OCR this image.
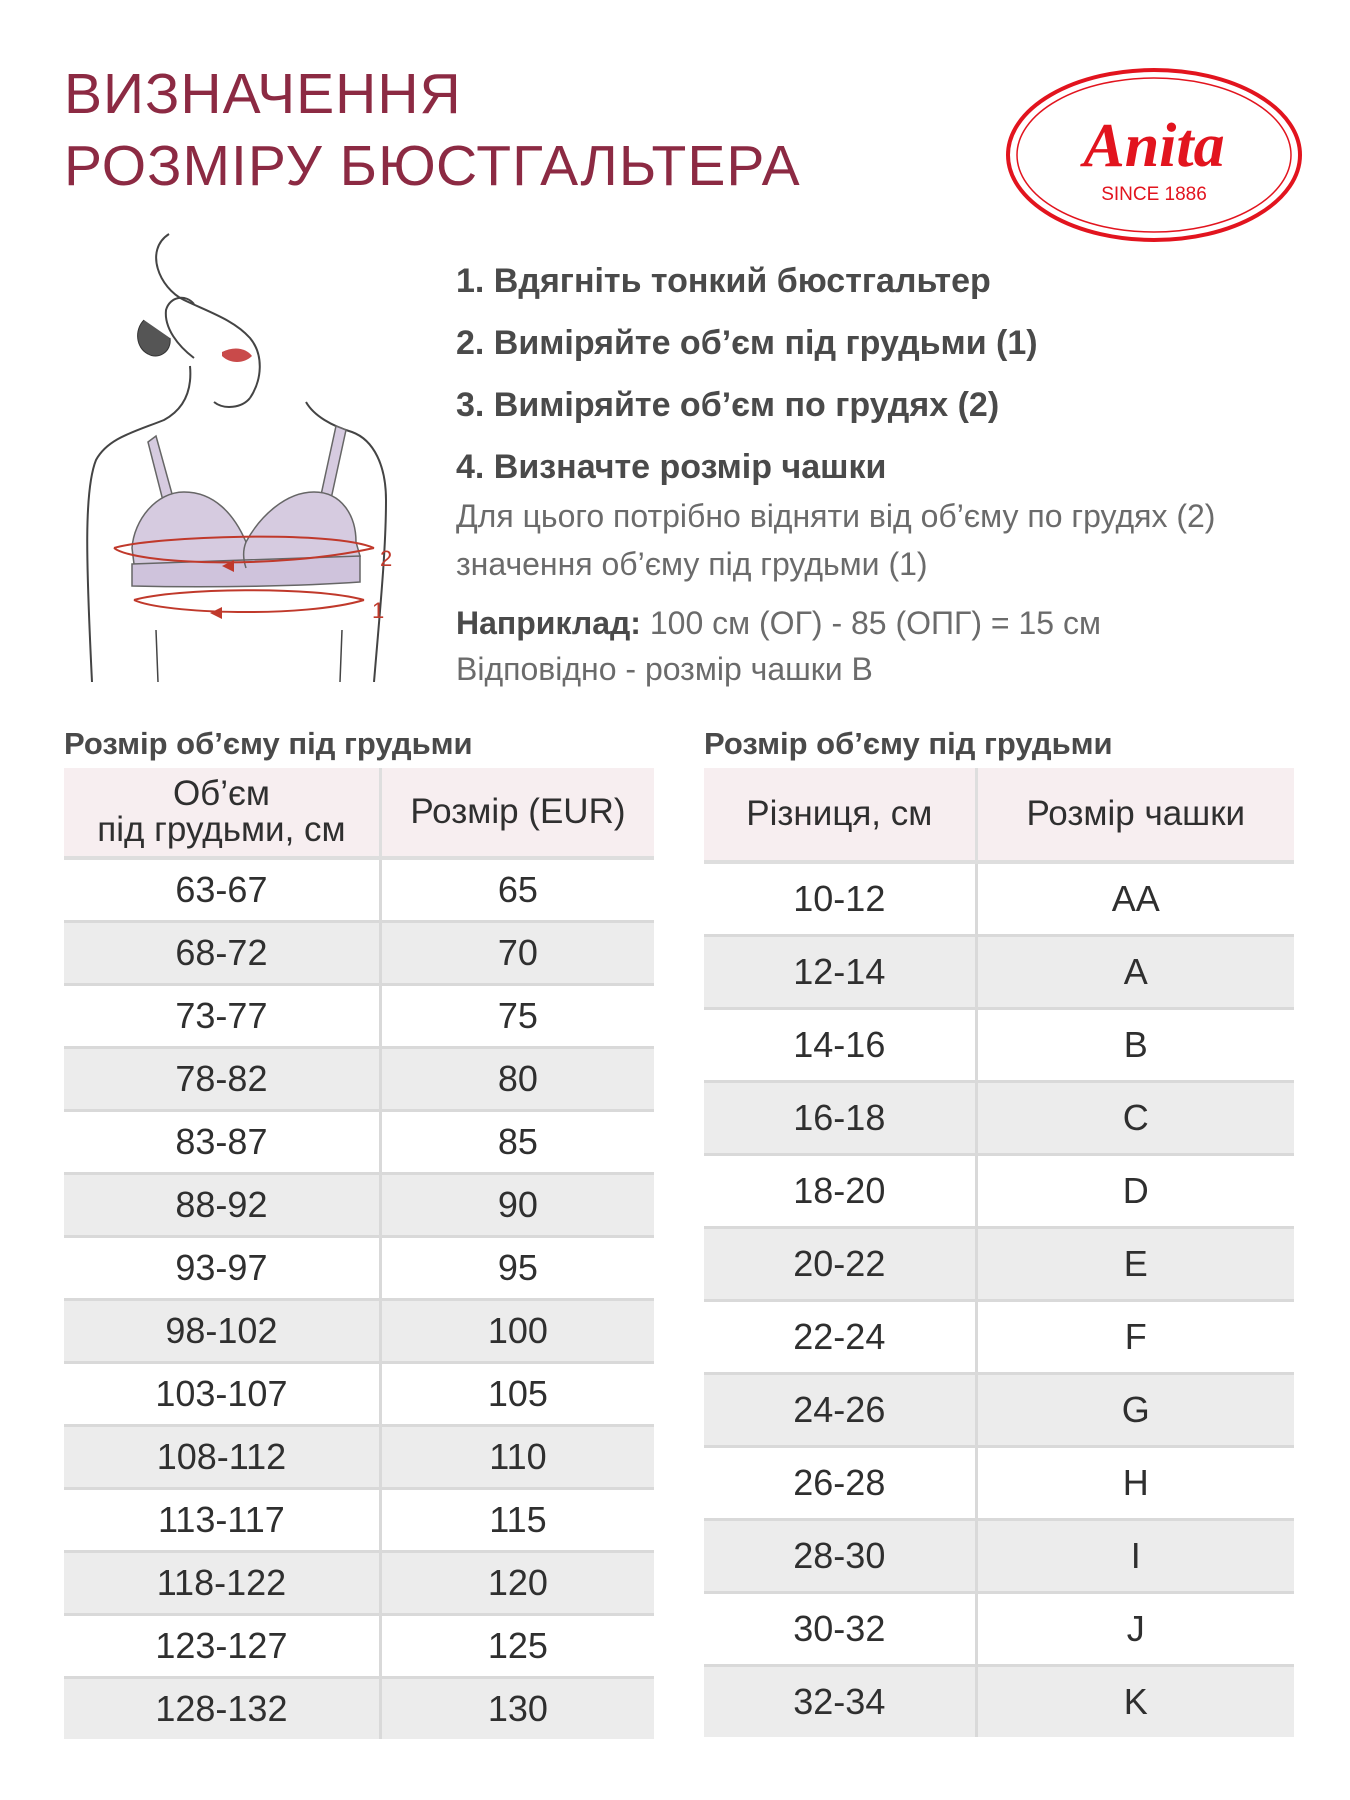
ВИЗНАЧЕННЯ
РОЗМІРУ БЮСТГАЛЬТЕРА	Anita
SINCE 1886
2
1

1. Вдягніть тонкий бюстгальтер

2. Виміряйте об’єм під грудьми (1)

3. Виміряйте об’єм по грудях (2)

4. Визначте розмір чашки

Для цього потрібно відняти від об’єму по грудях (2)

значення об’єму під грудьми (1)

Наприклад: 100 см (ОГ) - 85 (ОПГ) = 15 см
Відповідно - розмір чашки В
Розмір об’єму під грудьми	Розмір об’єму під грудьми
Об’єм
під грудьми, см	Розмір (EUR)
63-67	65
68-72	70
73-77	75
78-82	80
83-87	85
88-92	90
93-97	95
98-102	100
103-107	105
108-112	110
113-117	115
118-122	120
123-127	125
128-132	130
Різниця, см	Розмір чашки
10-12	AA
12-14	A
14-16	B
16-18	C
18-20	D
20-22	E
22-24	F
24-26	G
26-28	H
28-30	I
30-32	J
32-34	K
